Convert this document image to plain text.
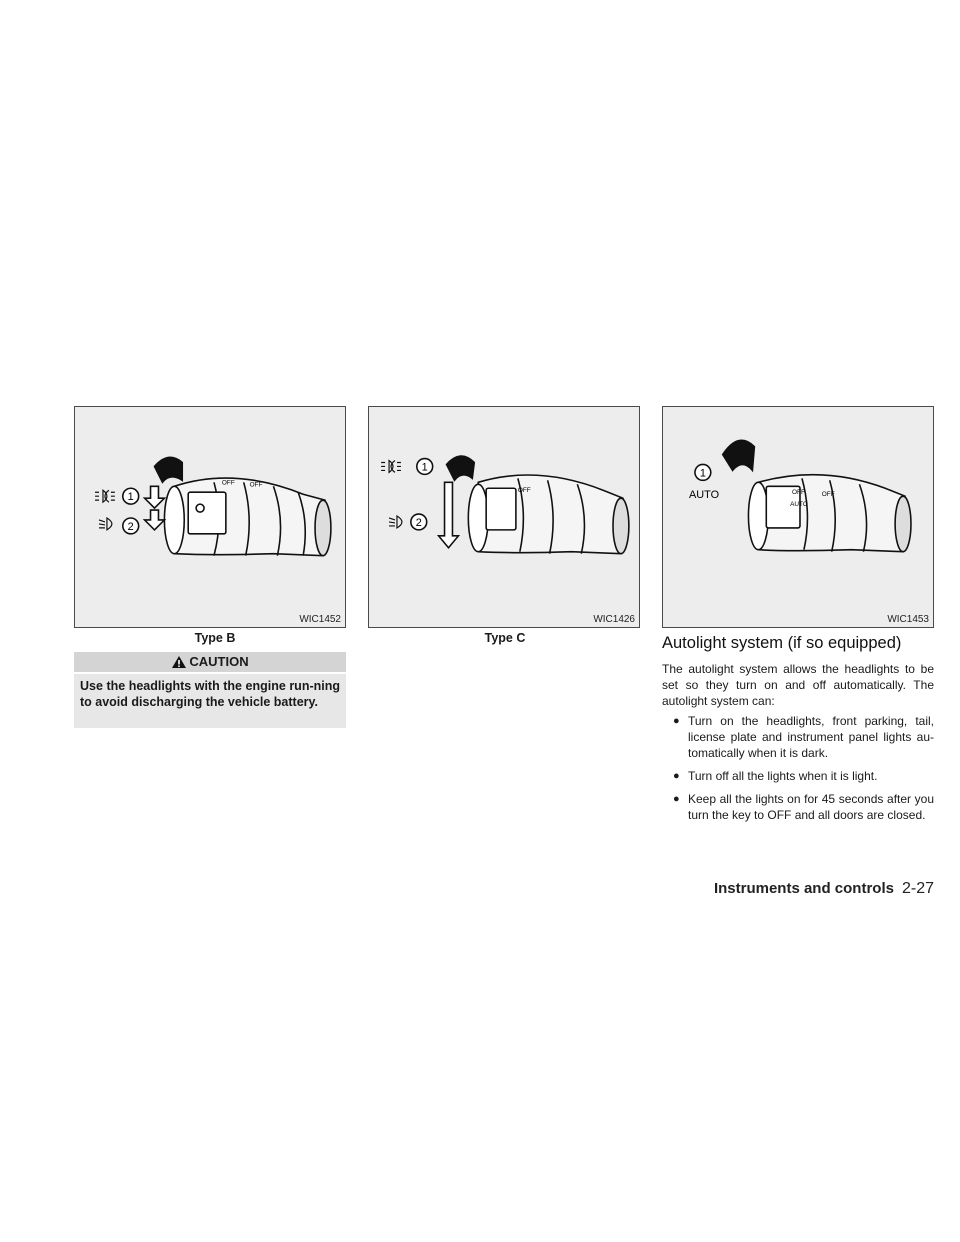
1
2
OFF OFF
WIC1452
Type B
1
2
OFF
WIC1426
Type C
1
AUTO	OFF
AUTO
OFF
WIC1453
CAUTION
Use the headlights with the engine run-ning to avoid discharging the vehicle battery.
Autolight system (if so equipped)

The autolight system allows the headlights to be set so they turn on and off automatically. The autolight system can:

● Turn on the headlights, front parking, tail, license plate and instrument panel lights au-tomatically when it is dark.
● Turn off all the lights when it is light.
● Keep all the lights on for 45 seconds after you turn the key to OFF and all doors are closed.
Instruments and controls 2-27
